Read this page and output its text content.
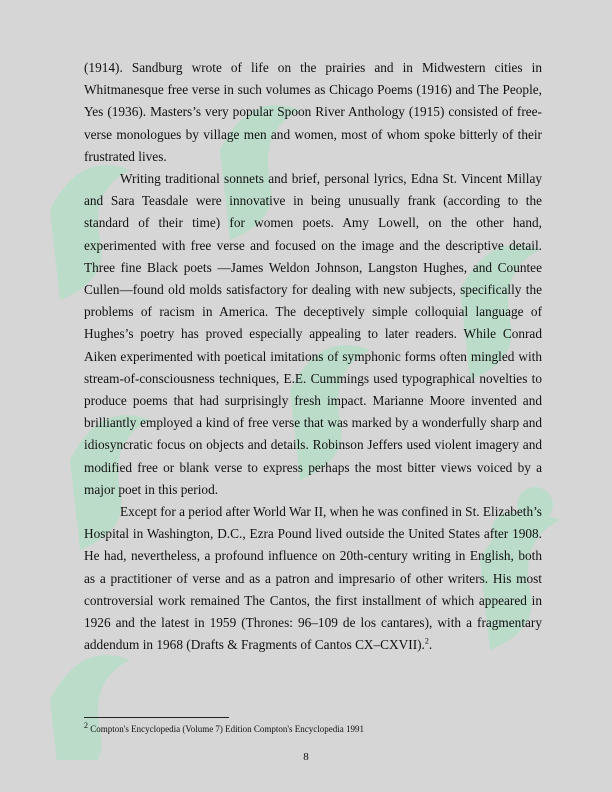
(1914). Sandburg wrote of life on the prairies and in Midwestern cities in Whitmanesque free verse in such volumes as Chicago Poems (1916) and The People, Yes (1936). Masters’s very popular Spoon River Anthology (1915) consisted of free-verse monologues by village men and women, most of whom spoke bitterly of their frustrated lives.

Writing traditional sonnets and brief, personal lyrics, Edna St. Vincent Millay and Sara Teasdale were innovative in being unusually frank (according to the standard of their time) for women poets. Amy Lowell, on the other hand, experimented with free verse and focused on the image and the descriptive detail. Three fine Black poets —James Weldon Johnson, Langston Hughes, and Countee Cullen—found old molds satisfactory for dealing with new subjects, specifically the problems of racism in America. The deceptively simple colloquial language of Hughes’s poetry has proved especially appealing to later readers. While Conrad Aiken experimented with poetical imitations of symphonic forms often mingled with stream-of-consciousness techniques, E.E. Cummings used typographical novelties to produce poems that had surprisingly fresh impact. Marianne Moore invented and brilliantly employed a kind of free verse that was marked by a wonderfully sharp and idiosyncratic focus on objects and details. Robinson Jeffers used violent imagery and modified free or blank verse to express perhaps the most bitter views voiced by a major poet in this period.

Except for a period after World War II, when he was confined in St. Elizabeth’s Hospital in Washington, D.C., Ezra Pound lived outside the United States after 1908. He had, nevertheless, a profound influence on 20th-century writing in English, both as a practitioner of verse and as a patron and impresario of other writers. His most controversial work remained The Cantos, the first installment of which appeared in 1926 and the latest in 1959 (Thrones: 96–109 de los cantares), with a fragmentary addendum in 1968 (Drafts & Fragments of Cantos CX–CXVII).$^2$.

$^2$ Compton's Encyclopedia (Volume 7) Edition Compton's Encyclopedia 1991
8
